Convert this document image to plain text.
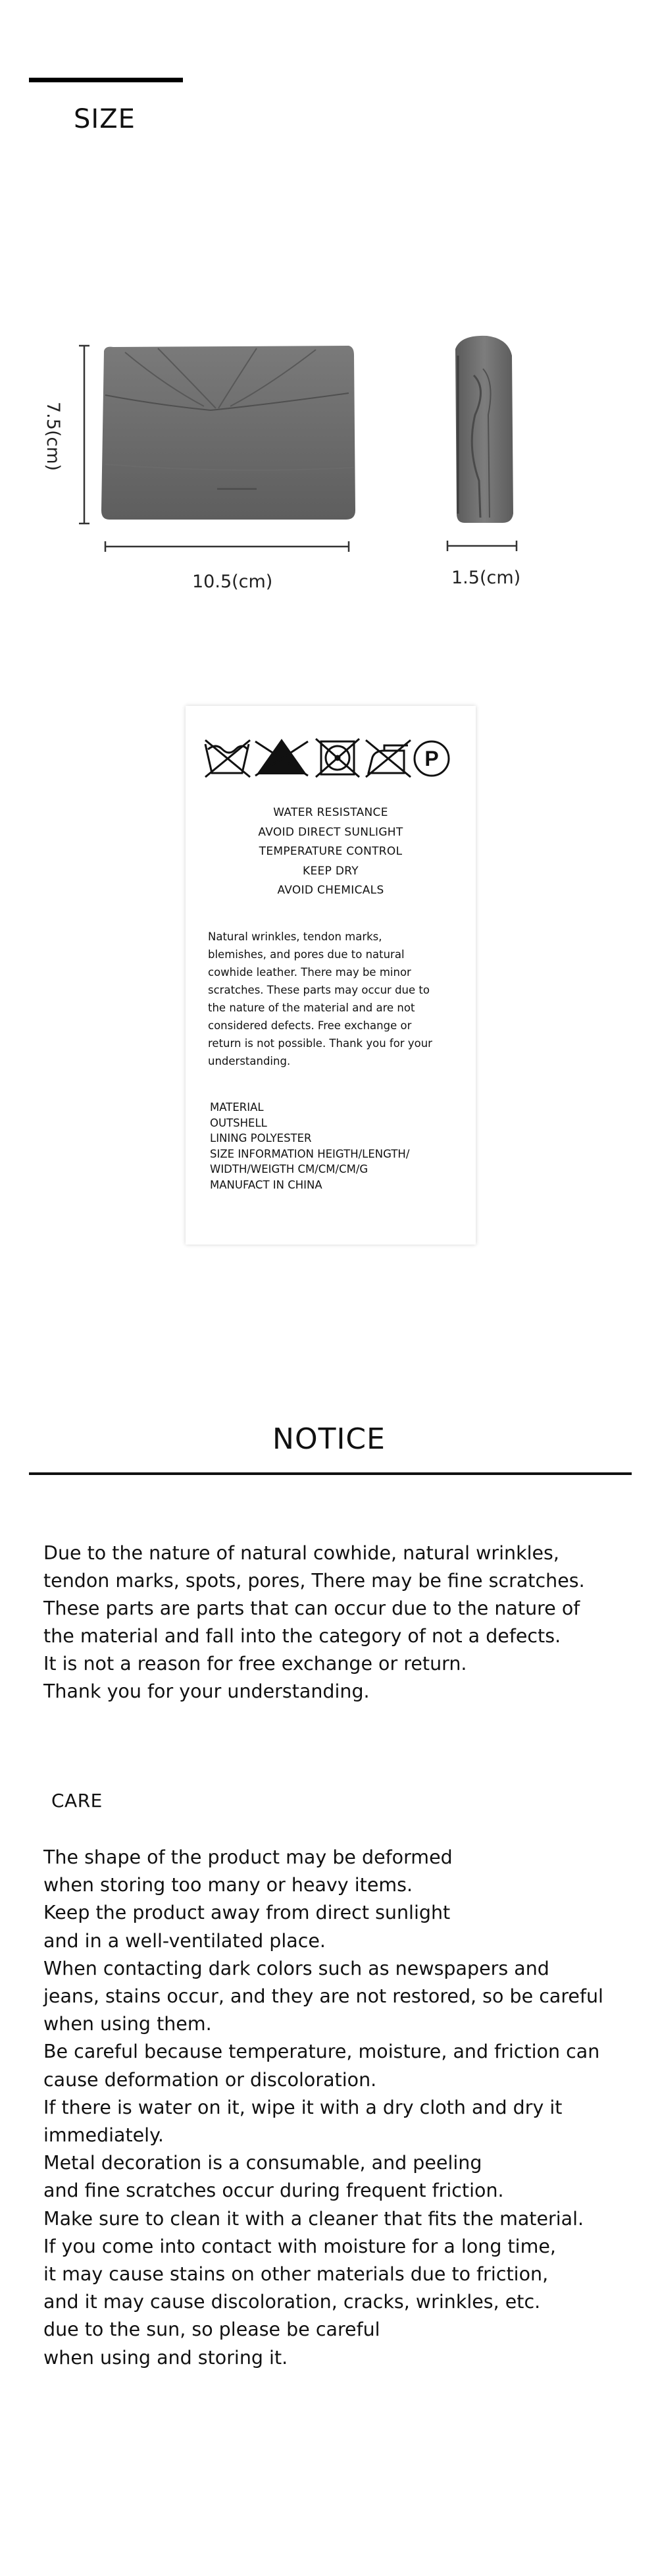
SIZE
7.5(cm)
10.5(cm)	1.5(cm)
P
WATER RESISTANCE
AVOID DIRECT SUNLIGHT
TEMPERATURE CONTROL
KEEP DRY
AVOID CHEMICALS
Natural wrinkles, tendon marks,
blemishes, and pores due to natural
cowhide leather. There may be minor
scratches. These parts may occur due to
the nature of the material and are not
considered defects. Free exchange or
return is not possible. Thank you for your
understanding.
MATERIAL
OUTSHELL
LINING POLYESTER
SIZE INFORMATION HEIGTH/LENGTH/
WIDTH/WEIGTH CM/CM/CM/G
MANUFACT IN CHINA
NOTICE
Due to the nature of natural cowhide, natural wrinkles,
tendon marks, spots, pores, There may be fine scratches.
These parts are parts that can occur due to the nature of
the material and fall into the category of not a defects.
It is not a reason for free exchange or return.
Thank you for your understanding.
CARE
The shape of the product may be deformed
when storing too many or heavy items.
Keep the product away from direct sunlight
and in a well-ventilated place.
When contacting dark colors such as newspapers and
jeans, stains occur, and they are not restored, so be careful
when using them.
Be careful because temperature, moisture, and friction can
cause deformation or discoloration.
If there is water on it, wipe it with a dry cloth and dry it
immediately.
Metal decoration is a consumable, and peeling
and fine scratches occur during frequent friction.
Make sure to clean it with a cleaner that fits the material.
If you come into contact with moisture for a long time,
it may cause stains on other materials due to friction,
and it may cause discoloration, cracks, wrinkles, etc.
due to the sun, so please be careful
when using and storing it.
